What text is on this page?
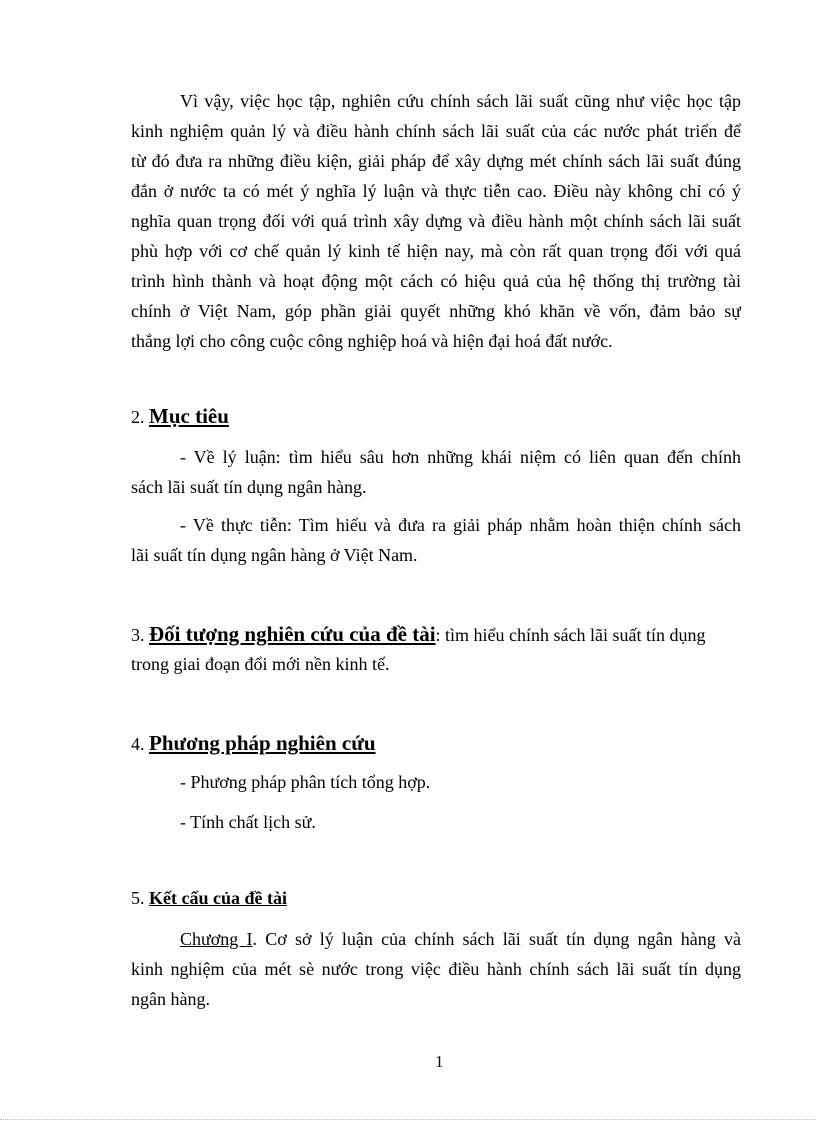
Vì vậy, việc học tập, nghiên cứu chính sách lãi suất cũng như việc học tập
kinh nghiệm quản lý và điều hành chính sách lãi suất của các nước phát triển để
từ đó đưa ra những điều kiện, giải pháp để xây dựng mét chính sách lãi suất đúng
đắn ở nước ta có mét ý nghĩa lý luận và thực tiễn cao. Điều này không chỉ có ý
nghĩa quan trọng đối với quá trình xây dựng và điều hành một chính sách lãi suất
phù hợp với cơ chế quản lý kinh tế hiện nay, mà còn rất quan trọng đối với quá
trình hình thành và hoạt động một cách có hiệu quả của hệ thống thị trường tài
chính ở Việt Nam, góp phần giải quyết những khó khăn về vốn, đảm bảo sự
thắng lợi cho công cuộc công nghiệp hoá và hiện đại hoá đất nước.
2. Mục tiêu
- Về lý luận: tìm hiểu sâu hơn những khái niệm có liên quan đến chính
sách lãi suất tín dụng ngân hàng.
- Về thực tiễn: Tìm hiểu và đưa ra giải pháp nhằm hoàn thiện chính sách
lãi suất tín dụng ngân hàng ở Việt Nam.
3. Đối tượng nghiên cứu của đề tài: tìm hiểu chính sách lãi suất tín dụng
trong giai đoạn đổi mới nền kinh tế.
4. Phương pháp nghiên cứu
- Phương pháp phân tích tổng hợp.
- Tính chất lịch sử.
5. Kết cấu của đề tài
Chương I. Cơ sở lý luận của chính sách lãi suất tín dụng ngân hàng và
kinh nghiệm của mét sè nước trong việc điều hành chính sách lãi suất tín dụng
ngân hàng.
1
